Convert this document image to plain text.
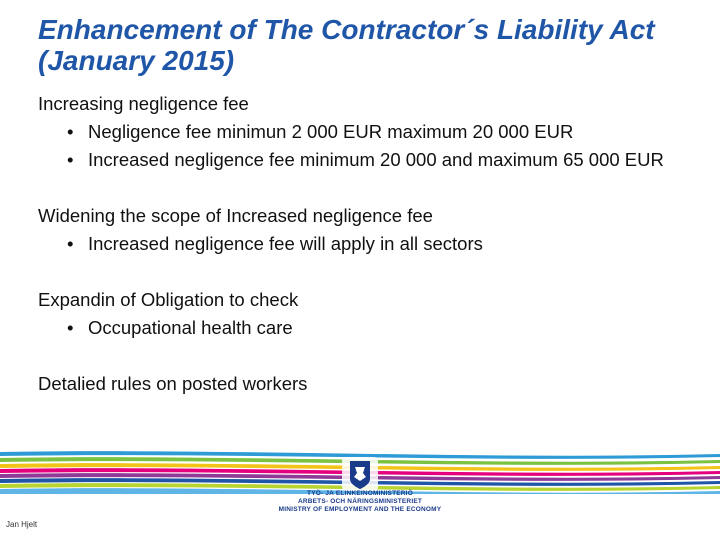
Enhancement of The Contractor´s Liability Act (January 2015)

Increasing negligence fee

• Negligence fee minimun 2 000 EUR maximum 20 000 EUR
• Increased negligence fee minimum 20 000 and maximum 65 000 EUR

Widening the scope of Increased negligence fee

• Increased negligence fee will apply in all sectors

Expandin of Obligation to check

• Occupational health care

Detalied rules on posted workers

TYÖ- JA ELINKEINOMINISTERIÖ
ARBETS- OCH NÄRINGSMINISTERIET
MINISTRY OF EMPLOYMENT AND THE ECONOMY
Jan Hjelt
